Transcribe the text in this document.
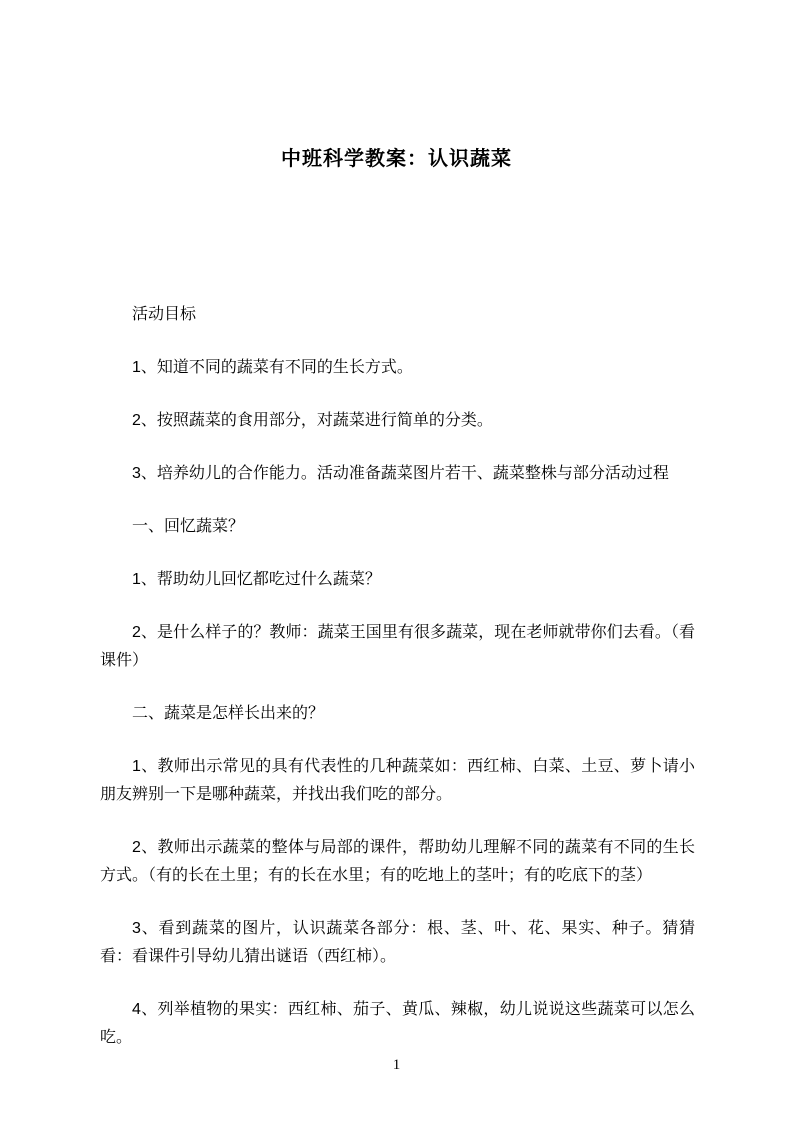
中班科学教案：认识蔬菜

活动目标

1、知道不同的蔬菜有不同的生长方式。

2、按照蔬菜的食用部分，对蔬菜进行简单的分类。

3、培养幼儿的合作能力。活动准备蔬菜图片若干、蔬菜整株与部分活动过程

一、回忆蔬菜？

1、帮助幼儿回忆都吃过什么蔬菜？

2、是什么样子的？教师：蔬菜王国里有很多蔬菜，现在老师就带你们去看。（看课件）

二、蔬菜是怎样长出来的？

1、教师出示常见的具有代表性的几种蔬菜如：西红柿、白菜、土豆、萝卜请小朋友辨别一下是哪种蔬菜，并找出我们吃的部分。

2、教师出示蔬菜的整体与局部的课件，帮助幼儿理解不同的蔬菜有不同的生长方式。（有的长在土里；有的长在水里；有的吃地上的茎叶；有的吃底下的茎）

3、看到蔬菜的图片，认识蔬菜各部分：根、茎、叶、花、果实、种子。猜猜看：看课件引导幼儿猜出谜语（西红柿）。

4、列举植物的果实：西红柿、茄子、黄瓜、辣椒，幼儿说说这些蔬菜可以怎么吃。

1
